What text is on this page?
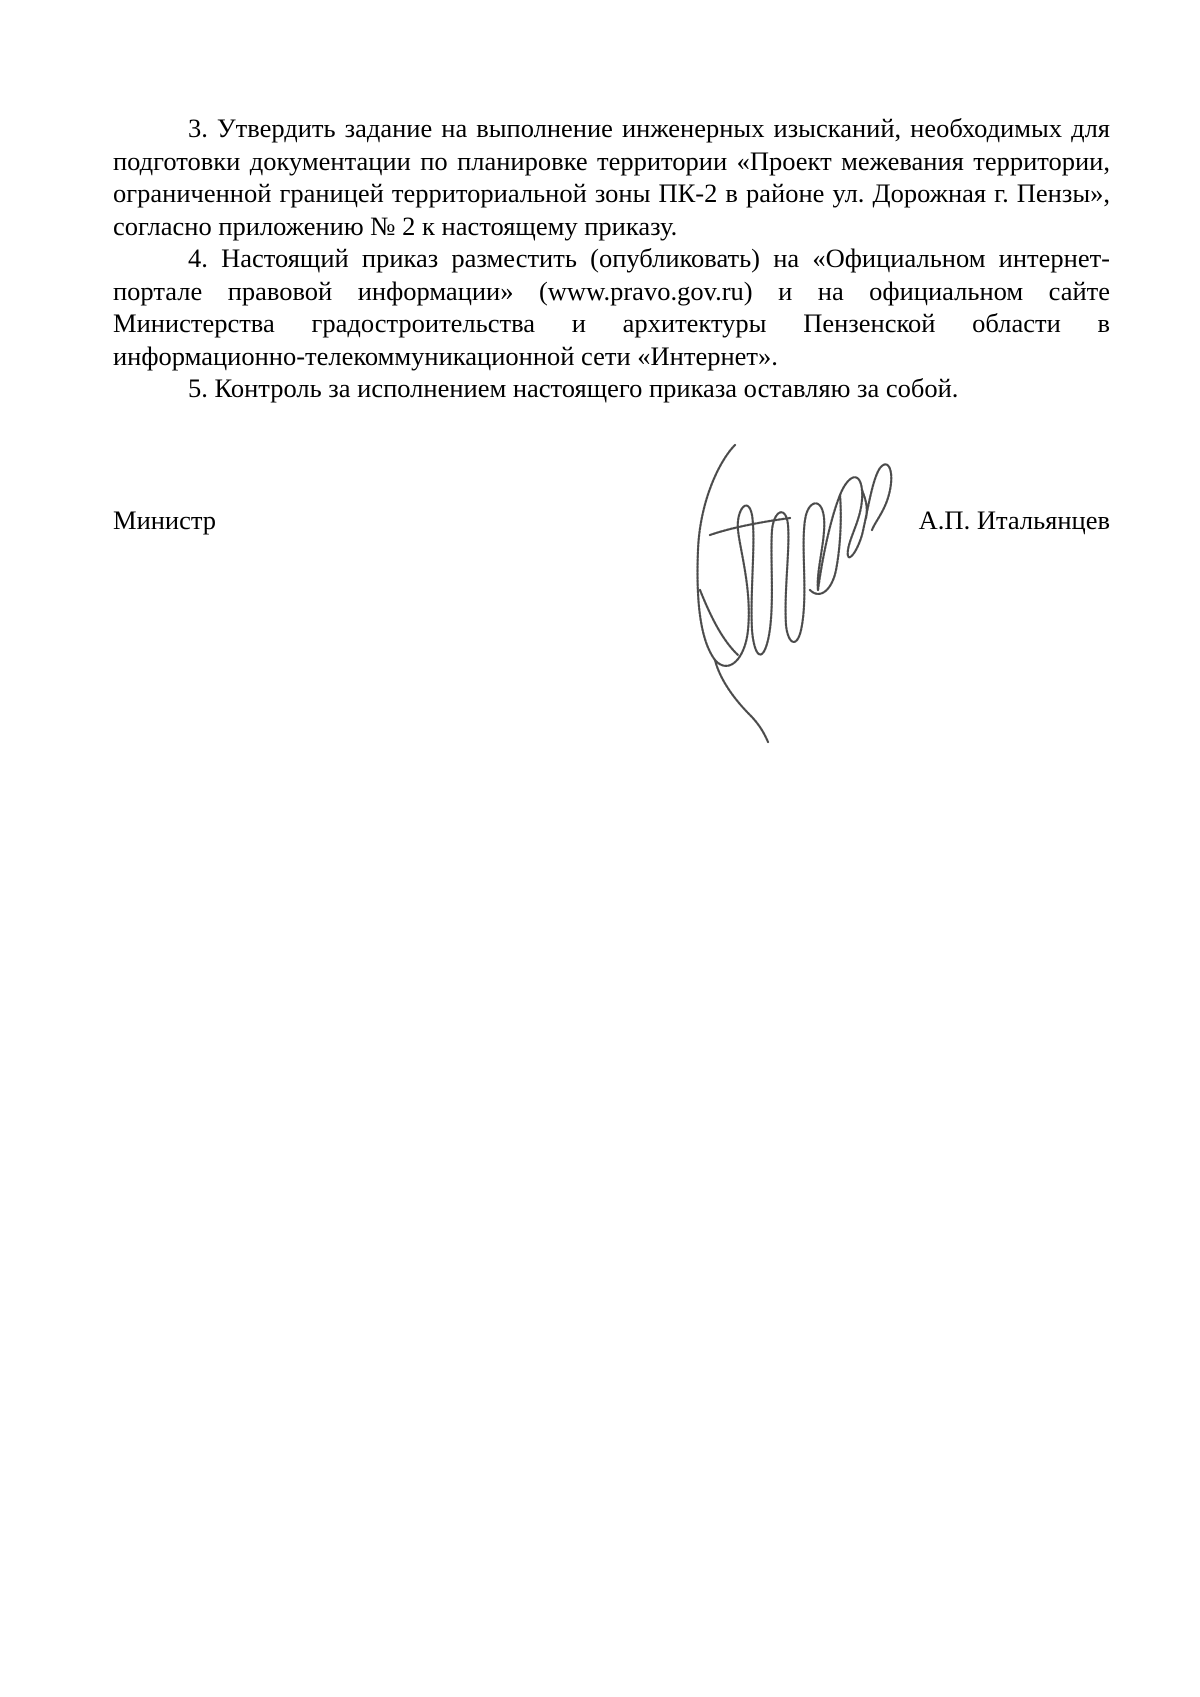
3. Утвердить задание на выполнение инженерных изысканий, необходимых для подготовки документации по планировке территории «Проект межевания территории, ограниченной границей территориальной зоны ПК-2 в районе ул. Дорожная г. Пензы», согласно приложению № 2 к настоящему приказу.

4. Настоящий приказ разместить (опубликовать) на «Официальном интернет-портале правовой информации» (www.pravo.gov.ru) и на официальном сайте Министерства градостроительства и архитектуры Пензенской области в информационно-телекоммуникационной сети «Интернет».

5. Контроль за исполнением настоящего приказа оставляю за собой.

Министр	А.П. Итальянцев
